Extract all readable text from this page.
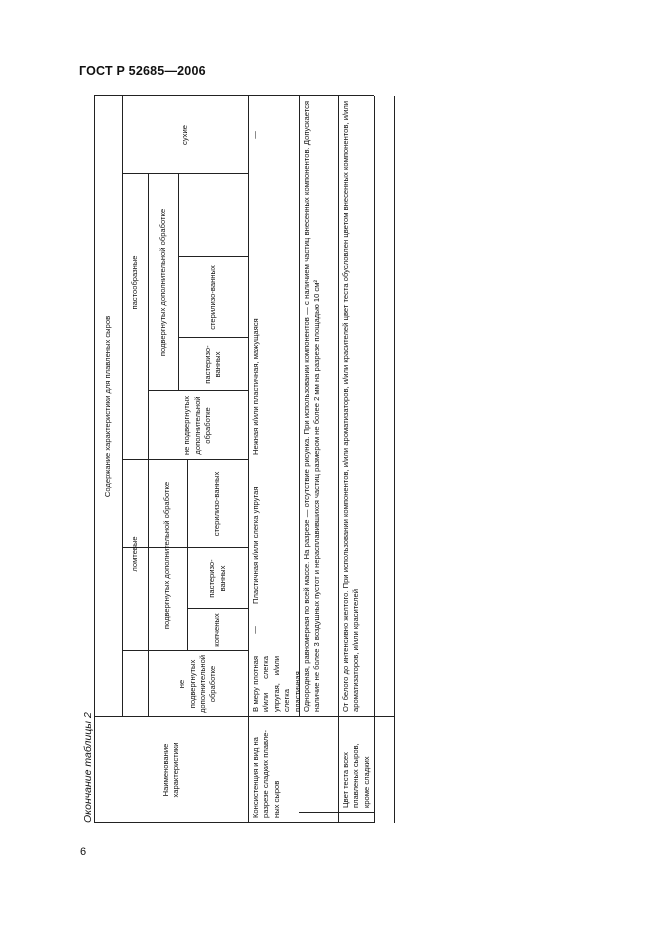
ГОСТ Р 52685—2006
6
Окончание таблицы 2	Наименование характеристики
Содержание характеристики для плавленых сыров
ломтевые
пастообразные
сухие
не подвергнутых дополнительной обработке
подвергнутых дополнительной обработке
не подвергнутых дополнительной обработке
подвергнутых дополнительной обработке
копченых
пастеризо-ванных
стерилизо-ванных
пастеризо-ванных
стерилизо-ванных
Консистенция и вид на разрезе сладких плавле-ных сыров
В меру плотная и/или слегка упругая, и/или слегка пластичная
—
Пластичная и/или слегка упругая
Нежная и/или пластичная, мажущаяся
—	Однородная, равномерная по всей массе. На разрезе — отсутствие рисунка. При использовании компонентов — с наличием частиц внесенных компонентов. Допускается наличие не более 3 воздушных пустот и нерасплавившихся частиц размером не более 2 мм на разрезе площадью 10 см²
Цвет теста всех плавленых сыров, кроме сладких
От белого до интенсивно желтого. При использовании компонентов, и/или ароматизаторов, и/или красителей цвет теста обусловлен цветом внесенных компонентов, и/или ароматизаторов, и/или красителей
